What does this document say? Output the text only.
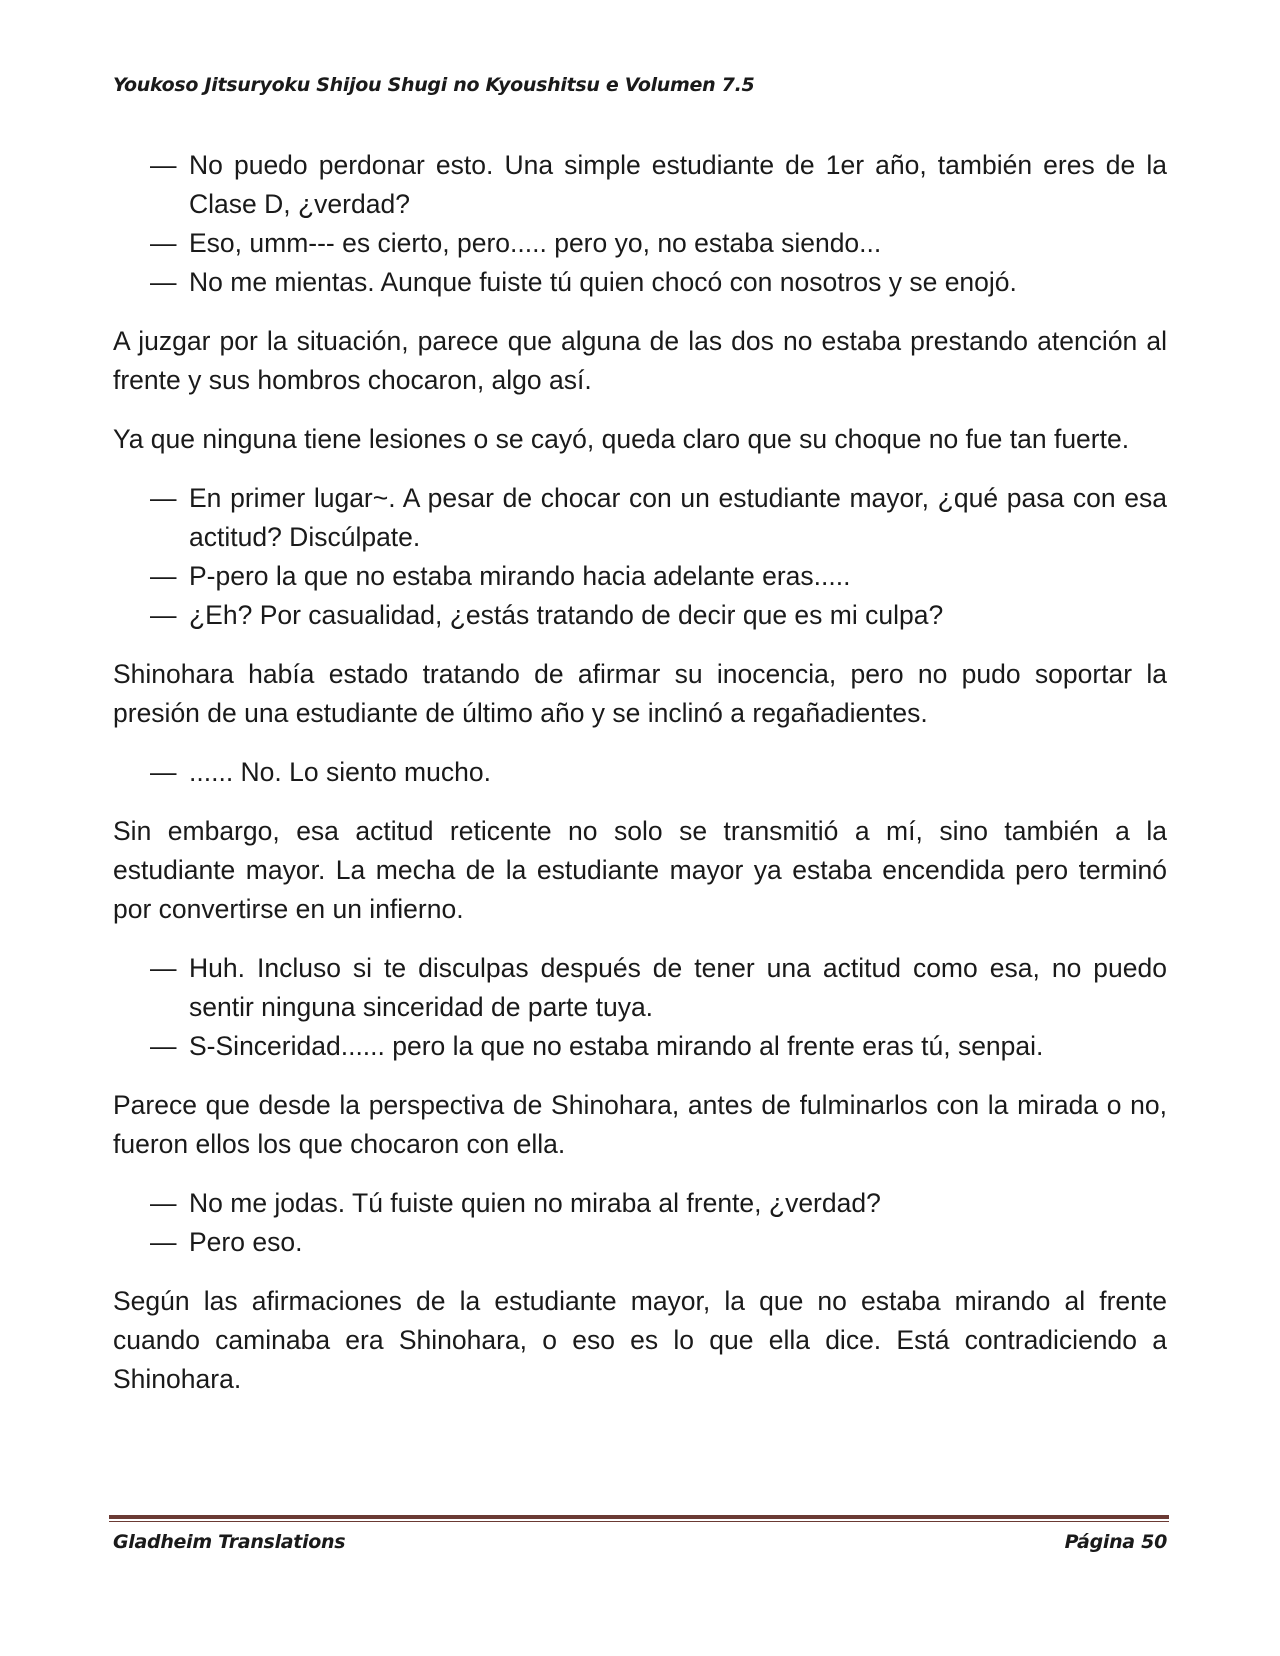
Youkoso Jitsuryoku Shijou Shugi no Kyoushitsu e Volumen 7.5

— No puedo perdonar esto. Una simple estudiante de 1er año, también eres de la Clase D, ¿verdad?

— Eso, umm--- es cierto, pero..... pero yo, no estaba siendo...

— No me mientas. Aunque fuiste tú quien chocó con nosotros y se enojó.

A juzgar por la situación, parece que alguna de las dos no estaba prestando atención al frente y sus hombros chocaron, algo así.

Ya que ninguna tiene lesiones o se cayó, queda claro que su choque no fue tan fuerte.

— En primer lugar~. A pesar de chocar con un estudiante mayor, ¿qué pasa con esa actitud? Discúlpate.

— P-pero la que no estaba mirando hacia adelante eras.....

— ¿Eh? Por casualidad, ¿estás tratando de decir que es mi culpa?

Shinohara había estado tratando de afirmar su inocencia, pero no pudo soportar la presión de una estudiante de último año y se inclinó a regañadientes.

— ...... No. Lo siento mucho.

Sin embargo, esa actitud reticente no solo se transmitió a mí, sino también a la estudiante mayor. La mecha de la estudiante mayor ya estaba encendida pero terminó por convertirse en un infierno.

— Huh. Incluso si te disculpas después de tener una actitud como esa, no puedo sentir ninguna sinceridad de parte tuya.

— S-Sinceridad...... pero la que no estaba mirando al frente eras tú, senpai.

Parece que desde la perspectiva de Shinohara, antes de fulminarlos con la mirada o no, fueron ellos los que chocaron con ella.

— No me jodas. Tú fuiste quien no miraba al frente, ¿verdad?

— Pero eso.

Según las afirmaciones de la estudiante mayor, la que no estaba mirando al frente cuando caminaba era Shinohara, o eso es lo que ella dice. Está contradiciendo a Shinohara.

Gladheim Translations	Página 50
